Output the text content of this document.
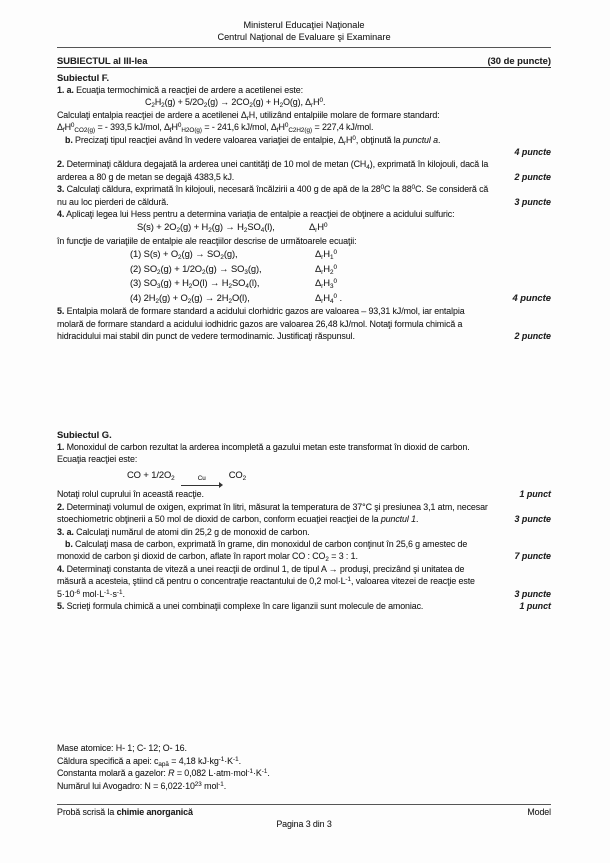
Ministerul Educaţiei Naţionale
Centrul Naţional de Evaluare şi Examinare
SUBIECTUL al III-lea	(30 de puncte)
Subiectul F.
1. a. Ecuaţia termochimică a reacţiei de ardere a acetilenei este:
$C_2H_2(g) + 5/2O_2(g) \to 2CO_2(g) + H_2O(g)$, $\Delta_rH^0$.
Calculaţi entalpia reacţiei de ardere a acetilenei $\Delta_rH$, utilizând entalpiile molare de formare standard:
$\Delta_fH^0_{CO2(g)}$ = - 393,5 kJ/mol, $\Delta_fH^0_{H2O(g)}$ = - 241,6 kJ/mol, $\Delta_fH^0_{C2H2(g)} = 227,4$ kJ/mol.
b. Precizaţi tipul reacţiei având în vedere valoarea variaţiei de entalpie, $\Delta_rH^0$, obţinută la punctul a.
4 puncte
2. Determinaţi căldura degajată la arderea unei cantităţi de 10 mol de metan $(CH_4)$, exprimată în kilojouli, dacă la
2 puncte
arderea a 80 g de metan se degajă 4383,5 kJ.
3. Calculaţi căldura, exprimată în kilojouli, necesară încălzirii a 400 g de apă de la $28^0C$ la $88^0C$. Se consideră că
3 puncte
nu au loc pierderi de căldură.
4. Aplicaţi legea lui Hess pentru a determina variaţia de entalpie a reacţiei de obţinere a acidului sulfuric:
$S(s) + 2O_2(g) + H_2(g) \to H_2SO_4(l)$,	$\Delta_rH^0$
în funcţie de variaţiile de entalpie ale reacţiilor descrise de următoarele ecuaţii:
(1) $S(s) + O_2(g) \to SO_2(g)$,	$\Delta_rH_1^0$
(2) $SO_2(g) + 1/2O_2(g) \to SO_3(g)$,	$\Delta_rH_2^0$
(3) $SO_3(g) + H_2O(l) \to H_2SO_4(l)$,	$\Delta_rH_3^0$
4 puncte
(4) $2H_2(g) + O_2(g) \to 2H_2O(l)$,	$\Delta_rH_4^0$ .
5. Entalpia molară de formare standard a acidului clorhidric gazos are valoarea – 93,31 kJ/mol, iar entalpia
molară de formare standard a acidului iodhidric gazos are valoarea 26,48 kJ/mol. Notaţi formula chimică a
2 puncte
hidracidului mai stabil din punct de vedere termodinamic. Justificaţi răspunsul.
Subiectul G.
1. Monoxidul de carbon rezultat la arderea incompletă a gazului metan este transformat în dioxid de carbon.
Ecuaţia reacţiei este:
CO + $1/2O_2$	Cu $CO_2$
1 punct
Notaţi rolul cuprului în această reacţie.
2. Determinaţi volumul de oxigen, exprimat în litri, măsurat la temperatura de 37°C şi presiunea 3,1 atm, necesar
3 puncte
stoechiometric obţinerii a 50 mol de dioxid de carbon, conform ecuaţiei reacţiei de la punctul 1.
3. a. Calculaţi numărul de atomi din 25,2 g de monoxid de carbon.
b. Calculaţi masa de carbon, exprimată în grame, din monoxidul de carbon conţinut în 25,6 g amestec de
7 puncte
monoxid de carbon şi dioxid de carbon, aflate în raport molar CO : $CO_2 = 3$ : 1.
4. Determinaţi constanta de viteză a unei reacţii de ordinul 1, de tipul A → produşi, precizând şi unitatea de
măsură a acesteia, ştiind că pentru o concentraţie reactantului de 0,2 $mol\cdot L^{-1}$, valoarea vitezei de reacţie este
3 puncte
$5\cdot 10^{-6}$ $mol\cdot L^{-1}\cdot s^{-1}$.
1 punct
5. Scrieţi formula chimică a unei combinaţii complexe în care liganzii sunt molecule de amoniac.
Mase atomice: H- 1; C- 12; O- 16.
Căldura specifică a apei: $c_{apă} = 4,18$ $kJ\cdot kg^{-1}\cdot K^{-1}$.
Constanta molară a gazelor: R = 0,082 $L\cdot atm\cdot mol^{-1}\cdot K^{-1}$.
Numărul lui Avogadro: $N = 6,022\cdot 10^{23}$ mol$^{-1}$.
Probă scrisă la chimie anorganică	Model
Pagina 3 din 3
